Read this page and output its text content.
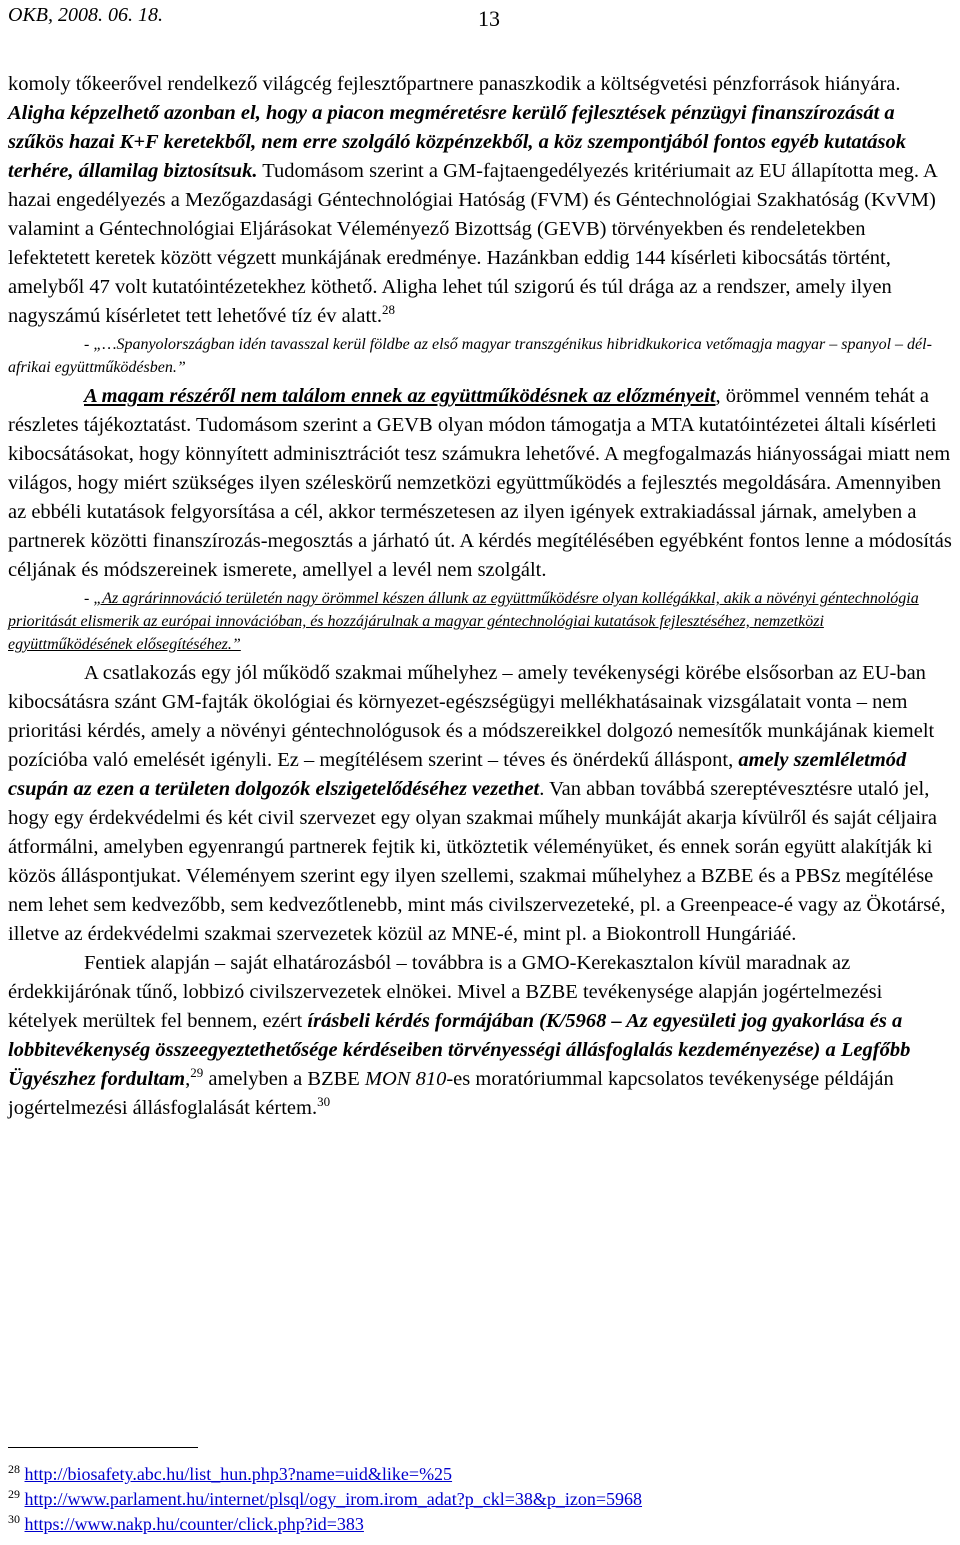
OKB, 2008. 06. 18.	13

komoly tőkeerővel rendelkező világcég fejlesztőpartnere panaszkodik a költségvetési pénzforrások hiányára. Aligha képzelhető azonban el, hogy a piacon megméretésre kerülő fejlesztések pénzügyi finanszírozását a szűkös hazai K+F keretekből, nem erre szolgáló közpénzekből, a köz szempontjából fontos egyéb kutatások terhére, államilag biztosítsuk. Tudomásom szerint a GM-fajtaengedélyezés kritériumait az EU állapította meg. A hazai engedélyezés a Mezőgazdasági Géntechnológiai Hatóság (FVM) és Géntechnológiai Szakhatóság (KvVM) valamint a Géntechnológiai Eljárásokat Véleményező Bizottság (GEVB) törvényekben és rendeletekben lefektetett keretek között végzett munkájának eredménye. Hazánkban eddig 144 kísérleti kibocsátás történt, amelyből 47 volt kutatóintézetekhez köthető. Aligha lehet túl szigorú és túl drága az a rendszer, amely ilyen nagyszámú kísérletet tett lehetővé tíz év alatt.$^{28}$

- „…Spanyolországban idén tavasszal kerül földbe az első magyar transzgénikus hibridkukorica vetőmagja magyar – spanyol – dél-afrikai együttműködésben.”

A magam részéről nem találom ennek az együttműködésnek az előzményeit, örömmel venném tehát a részletes tájékoztatást. Tudomásom szerint a GEVB olyan módon támogatja a MTA kutatóintézetei általi kísérleti kibocsátásokat, hogy könnyített adminisztrációt tesz számukra lehetővé. A megfogalmazás hiányosságai miatt nem világos, hogy miért szükséges ilyen széleskörű nemzetközi együttműködés a fejlesztés megoldására. Amennyiben az ebbéli kutatások felgyorsítása a cél, akkor természetesen az ilyen igények extrakiadással járnak, amelyben a partnerek közötti finanszírozás-megosztás a járható út. A kérdés megítélésében egyébként fontos lenne a módosítás céljának és módszereinek ismerete, amellyel a levél nem szolgált.

- „Az agrárinnováció területén nagy örömmel készen állunk az együttműködésre olyan kollégákkal, akik a növényi géntechnológia prioritását elismerik az európai innovációban, és hozzájárulnak a magyar géntechnológiai kutatások fejlesztéséhez, nemzetközi együttműködésének elősegítéséhez.”

A csatlakozás egy jól működő szakmai műhelyhez – amely tevékenységi körébe elsősorban az EU-ban kibocsátásra szánt GM-fajták ökológiai és környezet-egészségügyi mellékhatásainak vizsgálatait vonta – nem prioritási kérdés, amely a növényi géntechnológusok és a módszereikkel dolgozó nemesítők munkájának kiemelt pozícióba való emelését igényli. Ez – megítélésem szerint – téves és önérdekű álláspont, amely szemléletmód csupán az ezen a területen dolgozók elszigetelődéséhez vezethet. Van abban továbbá szereptévesztésre utaló jel, hogy egy érdekvédelmi és két civil szervezet egy olyan szakmai műhely munkáját akarja kívülről és saját céljaira átformálni, amelyben egyenrangú partnerek fejtik ki, ütköztetik véleményüket, és ennek során együtt alakítják ki közös álláspontjukat. Véleményem szerint egy ilyen szellemi, szakmai műhelyhez a BZBE és a PBSz megítélése nem lehet sem kedvezőbb, sem kedvezőtlenebb, mint más civilszervezeteké, pl. a Greenpeace-é vagy az Ökotársé, illetve az érdekvédelmi szakmai szervezetek közül az MNE-é, mint pl. a Biokontroll Hungáriáé.

Fentiek alapján – saját elhatározásból – továbbra is a GMO-Kerekasztalon kívül maradnak az érdekkijárónak tűnő, lobbizó civilszervezetek elnökei. Mivel a BZBE tevékenysége alapján jogértelmezési kételyek merültek fel bennem, ezért írásbeli kérdés formájában (K/5968 – Az egyesületi jog gyakorlása és a lobbitevékenység összeegyeztethetősége kérdéseiben törvényességi állásfoglalás kezdeményezése) a Legfőbb Ügyészhez fordultam,$^{29}$ amelyben a BZBE MON 810-es moratóriummal kapcsolatos tevékenysége példáján jogértelmezési állásfoglalását kértem.$^{30}$

$^{28}$ http://biosafety.abc.hu/list_hun.php3?name=uid&like=%25
$^{29}$ http://www.parlament.hu/internet/plsql/ogy_irom.irom_adat?p_ckl=38&p_izon=5968
$^{30}$ https://www.nakp.hu/counter/click.php?id=383
